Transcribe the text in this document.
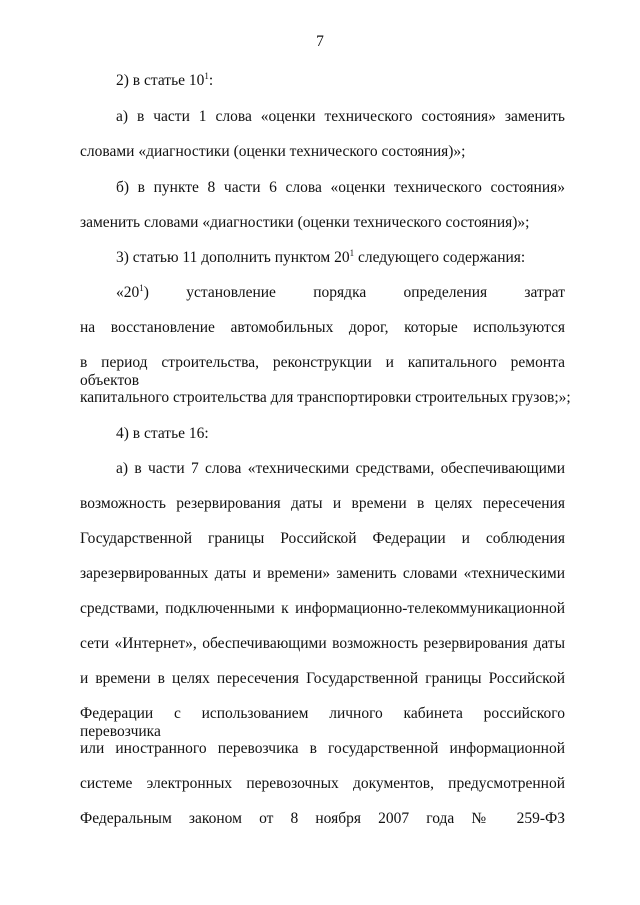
7
2) в статье $10^1$:
а) в части 1 слова «оценки технического состояния» заменить
словами «диагностики (оценки технического состояния)»;
б) в пункте 8 части 6 слова «оценки технического состояния»
заменить словами «диагностики (оценки технического состояния)»;
3) статью 11 дополнить пунктом $20^1$ следующего содержания:
«$20^1$) установление порядка определения затрат
на восстановление автомобильных дорог, которые используются
в период строительства, реконструкции и капитального ремонта объектов
капитального строительства для транспортировки строительных грузов;»;
4) в статье 16:
а) в части 7 слова «техническими средствами, обеспечивающими
возможность резервирования даты и времени в целях пересечения
Государственной границы Российской Федерации и соблюдения
зарезервированных даты и времени» заменить словами «техническими
средствами, подключенными к информационно-телекоммуникационной
сети «Интернет», обеспечивающими возможность резервирования даты
и времени в целях пересечения Государственной границы Российской
Федерации с использованием личного кабинета российского перевозчика
или иностранного перевозчика в государственной информационной
системе электронных перевозочных документов, предусмотренной
Федеральным законом от 8 ноября 2007 года № 259-ФЗ
